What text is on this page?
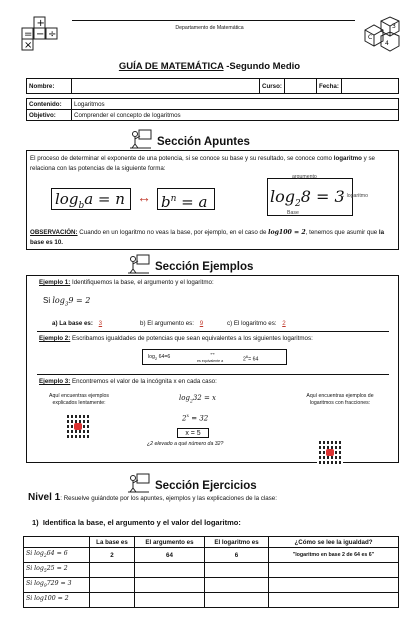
+
= ÷
−
×
C
4
3
Departamento de Matemática
GUÍA DE MATEMÁTICA -Segundo Medio
Nombre:		Curso:		Fecha:	

Contenido:	Logaritmos				
Objetivo:	Comprender el concepto de logaritmos				
Sección Apuntes
El proceso de determinar el exponente de una potencia, si se conoce su base y su resultado, se conoce como logaritmo y se relaciona con las potencias de la siguiente forma:
$\log_ba = n$ ↔ $b^n = a$
argumento
$\log_28 = 3$
→ logaritmo
Base
OBSERVACIÓN: Cuando en un logaritmo no veas la base, por ejemplo, en el caso de log100 = 2, tenemos que asumir que la base es 10.
Sección Ejemplos
Ejemplo 1: Identifiquemos la base, el argumento y el logaritmo:
Si $\log_39 = 2$
a) La base es: 3	b) El argumento es: 9	c) El logaritmo es: 2
Ejemplo 2: Escribamos igualdades de potencias que sean equivalentes a los siguientes logaritmos:
$\log_2 64=6$	↔
es equivalente a	$2^6= 64$
Ejemplo 3: Encontremos el valor de la incógnita x en cada caso:
Aquí encuentras ejemplos explicados lentamente:
Aquí encuentras ejemplos de logaritmos con fracciones:
$\log_232 = x$
$2^x = 32$
x = 5
¿2 elevado a qué número da 32?
Sección Ejercicios
Nivel 1: Resuelve guiándote por los apuntes, ejemplos y las explicaciones de la clase:
1) Identifica la base, el argumento y el valor del logaritmo:
	La base es	El argumento es	El logaritmo es	¿Cómo se lee la igualdad?
Si $\log_264 = 6$	2	64	6	"logaritmo en base 2 de 64 es 6"
Si $\log_525 = 2$				
Si $\log_9729 = 3$				
Si log100 = 2				
